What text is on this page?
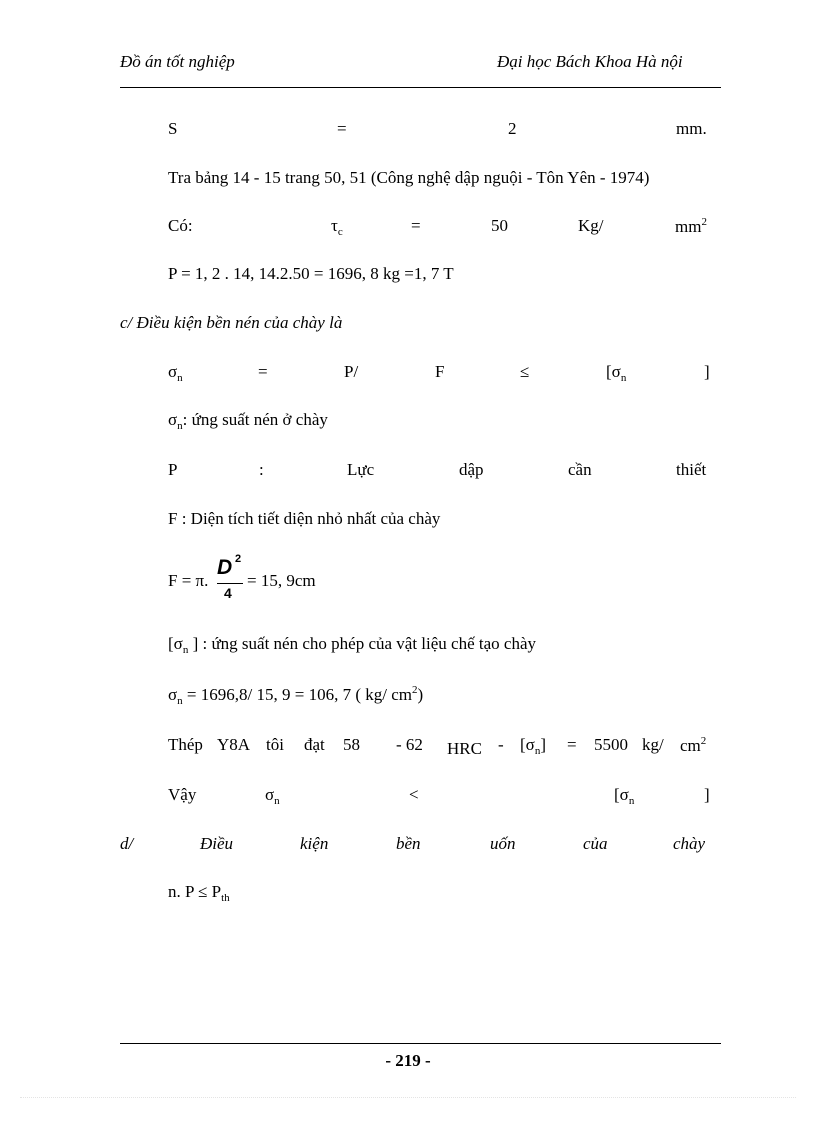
Đồ án tốt nghiệp	Đại học Bách Khoa Hà nội
S	=	2	mm.
Tra bảng 14 - 15 trang 50, 51 (Công nghệ dập nguội - Tôn Yên - 1974)
Có:	$\tau_c$	=	50	Kg/	$mm^2$
P = 1, 2 . 14, 14.2.50 = 1696, 8 kg =1, 7 T
c/ Điều kiện bền nén của chày là
$\sigma_n$	=	P/	F	≤	[$\sigma_n$	]
$\sigma_n$: ứng suất nén ở chày
P	:	Lực	dập	cần	thiết
F : Diện tích tiết diện nhỏ nhất của chày
F = π.
D 2
4
= 15, 9cm
[$\sigma_n$ ] : ứng suất nén cho phép của vật liệu chế tạo chày
$\sigma_n = 1696,8/$ 15, 9 = 106, 7 ( kg/ $cm^2$)
Thép Y8A tôi đạt 58 - 62 HRC - $[\sigma_n] = 5500$ kg/ $cm^2$
Vậy	$\sigma_n$	<	[$\sigma_n$	]
d/	Điều	kiện	bền	uốn	của	chày
n. $P \le P_{th}$
- 219 -
